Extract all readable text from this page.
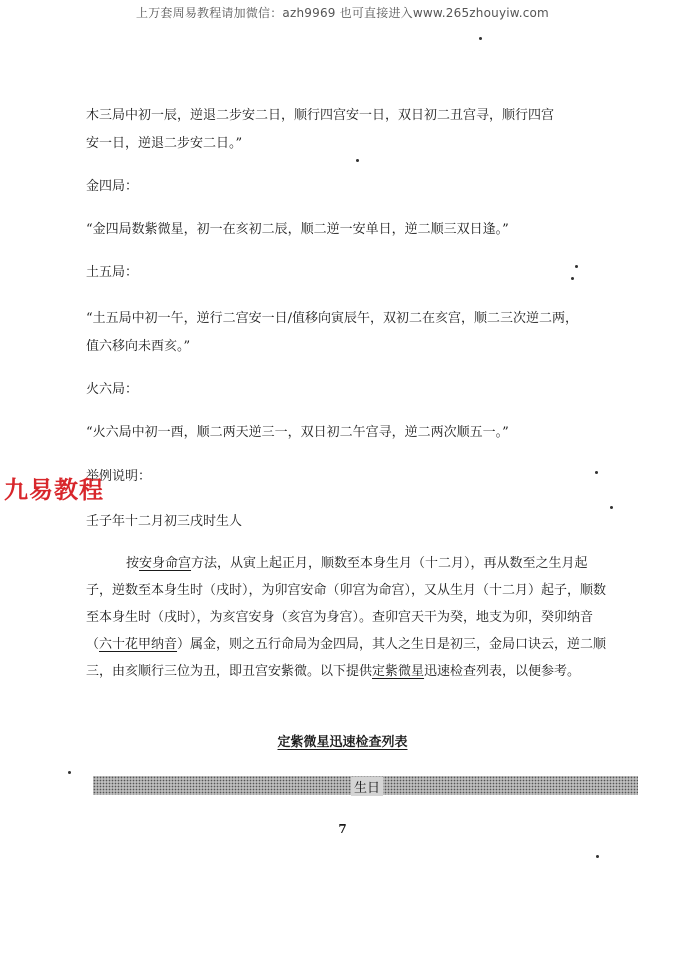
上万套周易教程请加微信：azh9969 也可直接进入www.265zhouyiw.com
木三局中初一辰，逆退二步安二日，顺行四宫安一日，双日初二丑宫寻，顺行四宫
安一日，逆退二步安二日。”
金四局：
“金四局数紫微星，初一在亥初二辰，顺二逆一安单日，逆二顺三双日逢。”
土五局：
“土五局中初一午，逆行二宫安一日/值移向寅辰午，双初二在亥宫，顺二三次逆二两，
值六移向未酉亥。”
火六局：
“火六局中初一酉，顺二两天逆三一，双日初二午宫寻，逆二两次顺五一。”
举例说明：
九易教程
壬子年十二月初三戌时生人
按安身命宫方法，从寅上起正月，顺数至本身生月（十二月），再从数至之生月起子，逆数至本身生时（戌时），为卯宫安命（卯宫为命宫），又从生月（十二月）起子，顺数至本身生时（戌时），为亥宫安身（亥宫为身宫）。查卯宫天干为癸，地支为卯，癸卯纳音（六十花甲纳音）属金，则之五行命局为金四局，其人之生日是初三，金局口诀云，逆二顺三，由亥顺行三位为丑，即丑宫安紫微。以下提供定紫微星迅速检查列表，以便参考。
定紫微星迅速检查列表
生日
7
